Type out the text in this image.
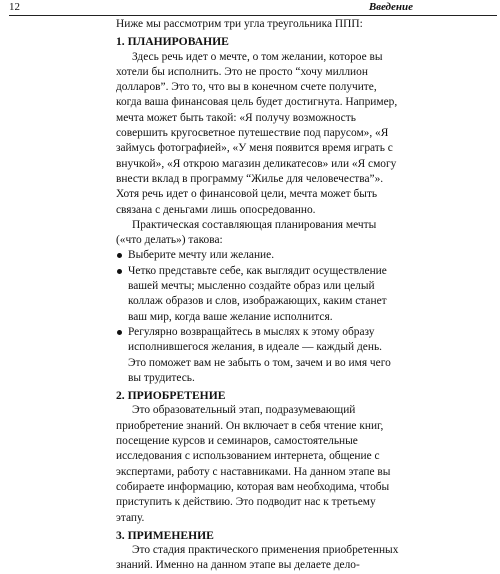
12	Введение

Ниже мы рассмотрим три угла треугольника ППП:

1. ПЛАНИРОВАНИЕ

Здесь речь идет о мечте, о том желании, которое вы хотели бы исполнить. Это не просто “хочу миллион долларов”. Это то, что вы в конечном счете получите, когда ваша финансовая цель будет достигнута. Например, мечта может быть такой: «Я получу возможность совершить кругосветное путешествие под парусом», «Я займусь фотографией», «У меня появится время играть с внучкой», «Я открою магазин деликатесов» или «Я смогу внести вклад в программу “Жилье для человечества”». Хотя речь идет о финансовой цели, мечта может быть связана с деньгами лишь опосредованно.

Практическая составляющая планирования мечты («что делать») такова:

Выберите мечту или желание.
Четко представьте себе, как выглядит осуществление вашей мечты; мысленно создайте образ или целый коллаж образов и слов, изображающих, каким станет ваш мир, когда ваше желание исполнится.
Регулярно возвращайтесь в мыслях к этому образу исполнившегося желания, в идеале — каждый день.

Это поможет вам не забыть о том, зачем и во имя чего вы трудитесь.

2. ПРИОБРЕТЕНИЕ

Это образовательный этап, подразумевающий приобретение знаний. Он включает в себя чтение книг, посещение курсов и семинаров, самостоятельные исследования с использованием интернета, общение с экспертами, работу с наставниками. На данном этапе вы собираете информацию, которая вам необходима, чтобы приступить к действию. Это подводит нас к третьему этапу.

3. ПРИМЕНЕНИЕ

Это стадия практического применения приобретенных знаний. Именно на данном этапе вы делаете дело-
